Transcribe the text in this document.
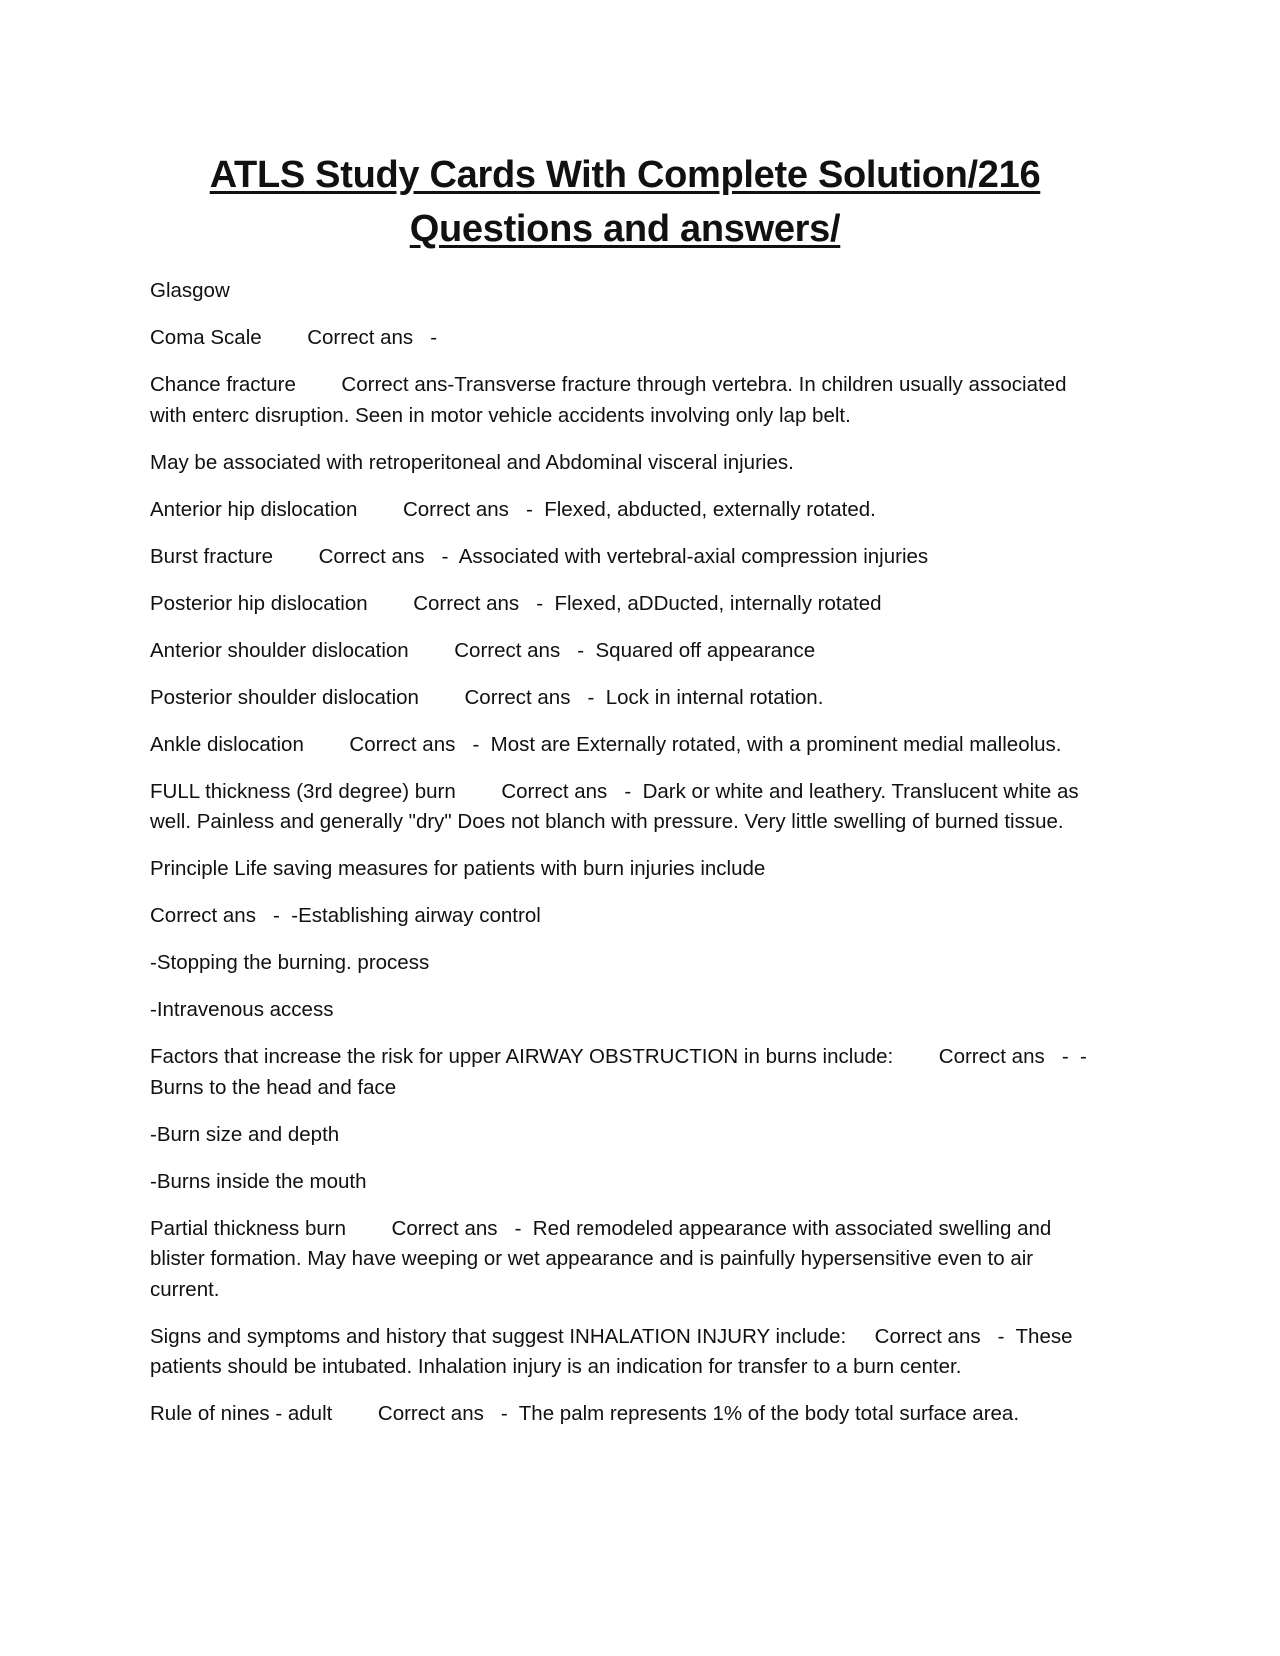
ATLS Study Cards With Complete Solution/216
Questions and answers/
Glasgow
Coma Scale        Correct ans   -
Chance fracture        Correct ans-Transverse fracture through vertebra. In children usually associated with enterc disruption. Seen in motor vehicle accidents involving only lap belt.
May be associated with retroperitoneal and Abdominal visceral injuries.
Anterior hip dislocation        Correct ans   -  Flexed, abducted, externally rotated.
Burst fracture        Correct ans   -  Associated with vertebral-axial compression injuries
Posterior hip dislocation        Correct ans   -  Flexed, aDDucted, internally rotated
Anterior shoulder dislocation        Correct ans   -  Squared off appearance
Posterior shoulder dislocation        Correct ans   -  Lock in internal rotation.
Ankle dislocation        Correct ans   -  Most are Externally rotated, with a prominent medial malleolus.
FULL thickness (3rd degree) burn        Correct ans   -  Dark or white and leathery. Translucent white as well. Painless and generally "dry" Does not blanch with pressure. Very little swelling of burned tissue.
Principle Life saving measures for patients with burn injuries include
Correct ans   -  -Establishing airway control
-Stopping the burning. process
-Intravenous access
Factors that increase the risk for upper AIRWAY OBSTRUCTION in burns include:        Correct ans   -  -Burns to the head and face
-Burn size and depth
-Burns inside the mouth
Partial thickness burn        Correct ans   -  Red remodeled appearance with associated swelling and blister formation. May have weeping or wet appearance and is painfully hypersensitive even to air current.
Signs and symptoms and history that suggest INHALATION INJURY include:     Correct ans   -  These patients should be intubated. Inhalation injury is an indication for transfer to a burn center.
Rule of nines - adult        Correct ans   -  The palm represents 1% of the body total surface area.
